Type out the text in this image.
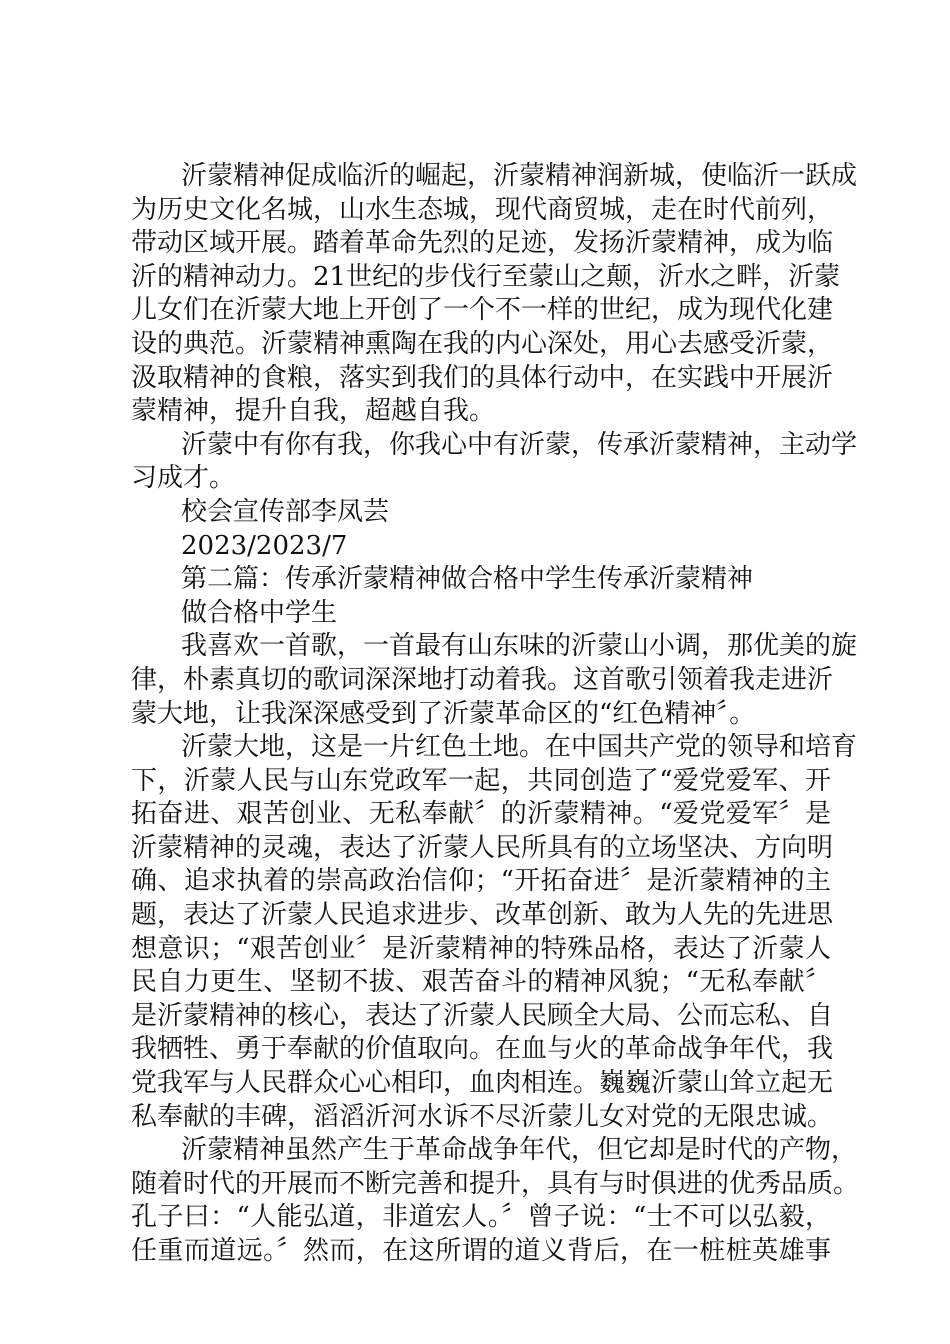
沂蒙精神促成临沂的崛起，沂蒙精神润新城，使临沂一跃成
为历史文化名城，山水生态城，现代商贸城，走在时代前列，
带动区域开展。踏着革命先烈的足迹，发扬沂蒙精神，成为临
沂的精神动力。21世纪的步伐行至蒙山之颠，沂水之畔，沂蒙
儿女们在沂蒙大地上开创了一个不一样的世纪，成为现代化建
设的典范。沂蒙精神熏陶在我的内心深处，用心去感受沂蒙，
汲取精神的食粮，落实到我们的具体行动中，在实践中开展沂
蒙精神，提升自我，超越自我。
沂蒙中有你有我，你我心中有沂蒙，传承沂蒙精神，主动学
习成才。
校会宣传部李凤芸
2023/2023/7
第二篇：传承沂蒙精神做合格中学生传承沂蒙精神
做合格中学生
我喜欢一首歌，一首最有山东味的沂蒙山小调，那优美的旋
律，朴素真切的歌词深深地打动着我。这首歌引领着我走进沂
蒙大地，让我深深感受到了沂蒙革命区的“红色精神〞。
沂蒙大地，这是一片红色土地。在中国共产党的领导和培育
下，沂蒙人民与山东党政军一起，共同创造了“爱党爱军、开
拓奋进、艰苦创业、无私奉献〞的沂蒙精神。“爱党爱军〞是
沂蒙精神的灵魂，表达了沂蒙人民所具有的立场坚决、方向明
确、追求执着的崇高政治信仰；“开拓奋进〞是沂蒙精神的主
题，表达了沂蒙人民追求进步、改革创新、敢为人先的先进思
想意识；“艰苦创业〞是沂蒙精神的特殊品格，表达了沂蒙人
民自力更生、坚韧不拔、艰苦奋斗的精神风貌；“无私奉献〞
是沂蒙精神的核心，表达了沂蒙人民顾全大局、公而忘私、自
我牺牲、勇于奉献的价值取向。在血与火的革命战争年代，我
党我军与人民群众心心相印，血肉相连。巍巍沂蒙山耸立起无
私奉献的丰碑，滔滔沂河水诉不尽沂蒙儿女对党的无限忠诚。
沂蒙精神虽然产生于革命战争年代，但它却是时代的产物，
随着时代的开展而不断完善和提升，具有与时俱进的优秀品质。
孔子曰：“人能弘道，非道宏人。〞曾子说：“士不可以弘毅，
任重而道远。〞然而，在这所谓的道义背后，在一桩桩英雄事
